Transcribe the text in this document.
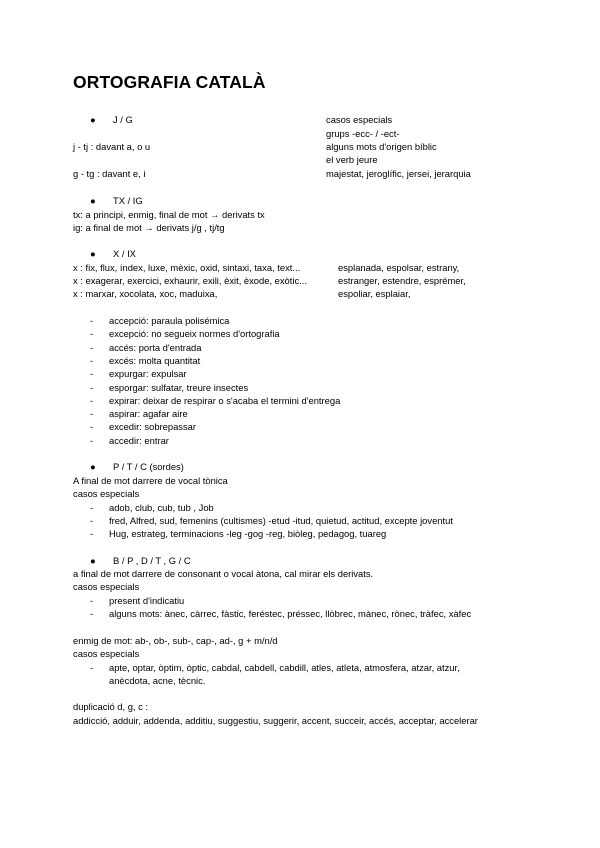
ORTOGRAFIA CATALÀ
● J / G
j - tj : davant a, o u
g - tg : davant e, i
casos especials
grups -ecc- / -ect-
alguns mots d'origen bíblic
el verb jeure
majestat, jeroglífic, jersei, jerarquia
● TX / IG
tx: a principi, enmig, final de mot → derivats tx
ig: a final de mot → derivats j/g , tj/tg
● X / IX
x : fix, flux, índex, luxe, mèxic, oxid, sintaxi, taxa, text...
x : exagerar, exercici, exhaurir, exili, èxit, èxode, exòtic...
x : marxar, xocolata, xoc, maduixa,
esplanada, espolsar, estrany,
estranger, estendre, esprémer,
espoliar, esplaiar,
- accepció: paraula polisémica
- excepció: no segueix normes d'ortografia
- accés: porta d'entrada
- excés: molta quantitat
- expurgar: expulsar
- esporgar: sulfatar, treure insectes
- expirar: deixar de respirar o s'acaba el termini d'entrega
- aspirar: agafar aire
- excedir: sobrepassar
- accedir: entrar
● P / T / C (sordes)
A final de mot darrere de vocal tònica
casos especials
- adob, club, cub, tub , Job
- fred, Alfred, sud, femenins (cultismes) -etud -itud, quietud, actitud, excepte joventut
- Hug, estrateg, terminacions -leg -gog -reg, biòleg, pedagog, tuareg
● B / P , D / T , G / C
a final de mot darrere de consonant o vocal àtona, cal mirar els derivats.
casos especials
- present d'indicatiu
- alguns mots: ànec, càrrec, fàstic, feréstec, préssec, llòbrec, mànec, rònec, tràfec, xàfec
enmig de mot: ab-, ob-, sub-, cap-, ad-, g + m/n/d
casos especials
- apte, optar, òptim, òptic, cabdal, cabdell, cabdill, atles, atleta, atmosfera, atzar, atzur,
anècdota, acne, tècnic.
duplicació d, g, c :
addicció, adduir, addenda, additiu, suggestiu, suggerir, accent, succeir, accés, acceptar, accelerar
